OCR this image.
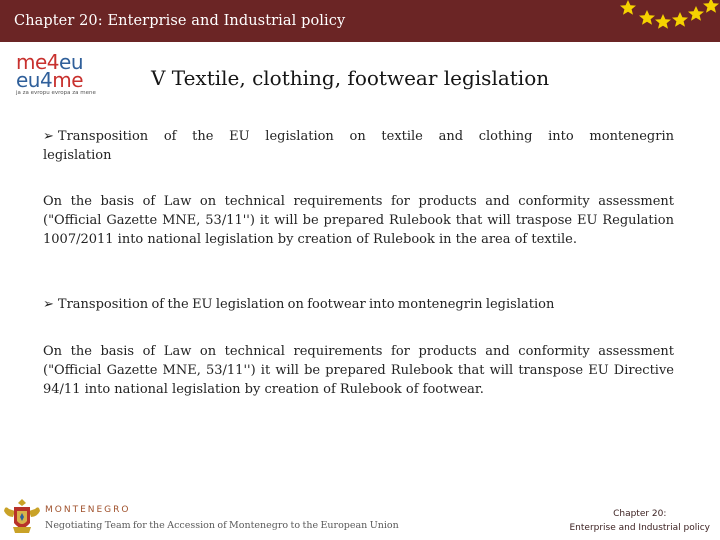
Chapter 20: Enterprise and Industrial policy
me4eu
eu4me
ja za evropu evropa za mene
V Textile, clothing, footwear legislation
➢ Transposition of the EU legislation on textile and clothing into montenegrin legislation
On the basis of Law on technical requirements for products and conformity assessment ("Official Gazette MNE, 53/11'') it will be prepared Rulebook that will traspose EU Regulation 1007/2011 into national legislation by creation of Rulebook in the area of textile.
➢ Transposition of the EU legislation on footwear into montenegrin legislation
On the basis of Law on technical requirements for products and conformity assessment ("Official Gazette MNE, 53/11'') it will be prepared Rulebook that will transpose EU Directive 94/11 into national legislation by creation of Rulebook of footwear.
MONTENEGRO
Negotiating Team for the Accession of Montenegro to the European Union
Chapter 20:
Enterprise and Industrial policy
